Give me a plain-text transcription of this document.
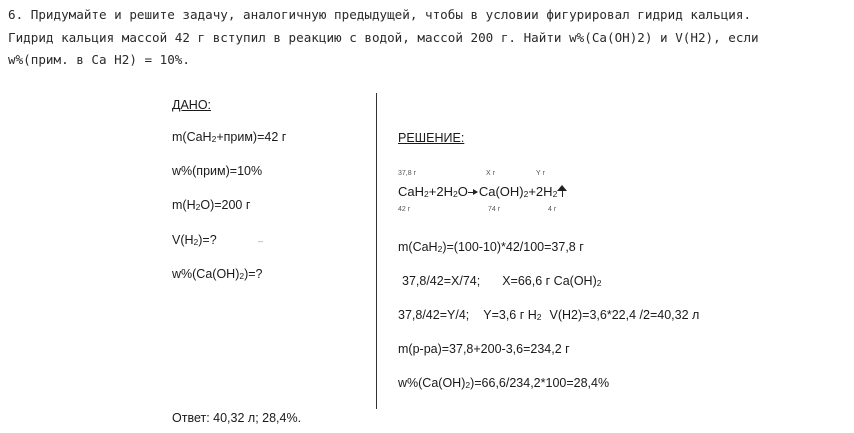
6. Придумайте и решите задачу, аналогичную предыдущей, чтобы в условии фигурировал гидрид кальция.
Гидрид кальция массой 42 г вступил в реакцию с водой, массой 200 г. Найти w%(Ca(OH)2) и V(H2), если
w%(прим. в Са Н2) = 10%.
ДАНО:
m(CaH$_2$+прим)=42 г
w%(прим)=10%
$m(H_2O)=200$ г
$V(H_2)=$?	–
$w\%(Ca(OH)_2)=$?
РЕШЕНИЕ:
37,8 г	X г	Y г
$CaH_2+2H_2O$ $Ca(OH)_2+2H_2$
42 г	74 г	4 г
m(CaH$_2$)=(100-10)*42/100=37,8 г
37,8/42=X/74; X=66,6 г $Ca(OH)_2$
37,8/42=Y/4; Y=3,6 г $H_2$ V(H2)=3,6*22,4 /2=40,32 л
m(р-ра)=37,8+200-3,6=234,2 г
$w\%(Ca(OH)_2)=66,6/234,2*100=28,4\%$
Ответ: 40,32 л; 28,4%.
